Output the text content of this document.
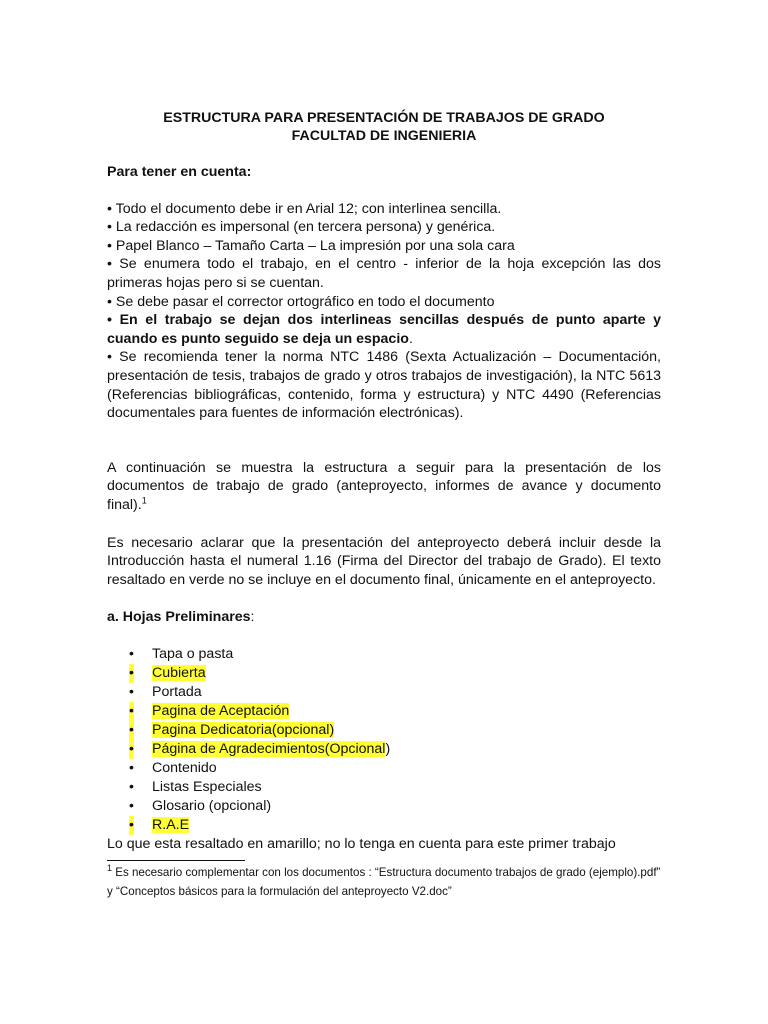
ESTRUCTURA PARA PRESENTACIÓN DE TRABAJOS DE GRADO

FACULTAD DE INGENIERIA

Para tener en cuenta:

• Todo el documento debe ir en Arial 12; con interlinea sencilla.

• La redacción es impersonal (en tercera persona) y genérica.

• Papel Blanco – Tamaño Carta – La impresión por una sola cara

• Se enumera todo el trabajo, en el centro - inferior de la hoja excepción las dos primeras hojas pero si se cuentan.

• Se debe pasar el corrector ortográfico en todo el documento

• En el trabajo se dejan dos interlineas sencillas después de punto aparte y cuando es punto seguido se deja un espacio.

• Se recomienda tener la norma NTC 1486 (Sexta Actualización – Documentación, presentación de tesis, trabajos de grado y otros trabajos de investigación), la NTC 5613 (Referencias bibliográficas, contenido, forma y estructura) y NTC 4490 (Referencias documentales para fuentes de información electrónicas).

A continuación se muestra la estructura a seguir para la presentación de los documentos de trabajo de grado (anteproyecto, informes de avance y documento final).$^1$

Es necesario aclarar que la presentación del anteproyecto deberá incluir desde la Introducción hasta el numeral 1.16 (Firma del Director del trabajo de Grado). El texto resaltado en verde no se incluye en el documento final, únicamente en el anteproyecto.

a. Hojas Preliminares:

• Tapa o pasta
• Cubierta
• Portada
• Pagina de Aceptación
• Pagina Dedicatoria(opcional)
• Página de Agradecimientos(Opcional)
• Contenido
• Listas Especiales
• Glosario (opcional)
• R.A.E

Lo que esta resaltado en amarillo; no lo tenga en cuenta para este primer trabajo

$^1$ Es necesario complementar con los documentos : “Estructura documento trabajos de grado (ejemplo).pdf” y “Conceptos básicos para la formulación del anteproyecto V2.doc”
